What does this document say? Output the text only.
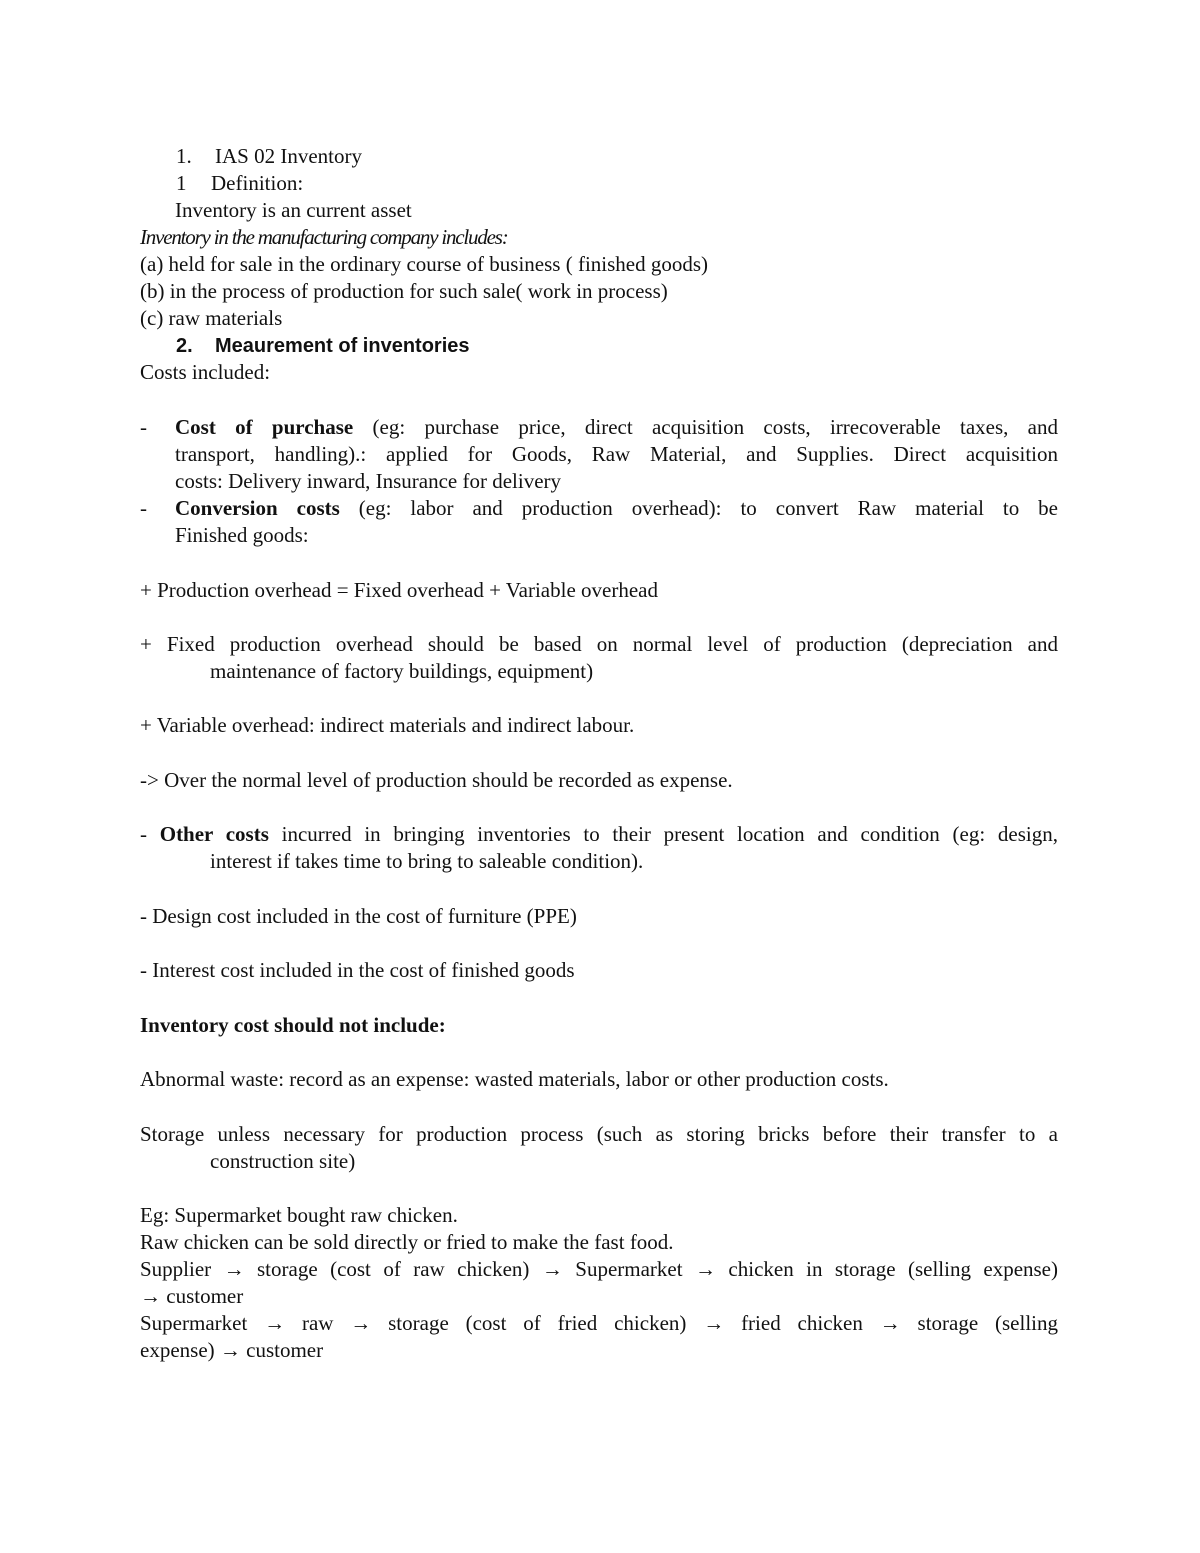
1. IAS 02 Inventory
1 Definition:
Inventory is an current asset
Inventory in the manufacturing company includes:
(a) held for sale in the ordinary course of business ( finished goods)
(b) in the process of production for such sale( work in process)
(c) raw materials
2. Meaurement of inventories
Costs included:
- Cost of purchase (eg: purchase price, direct acquisition costs, irrecoverable taxes, and
transport, handling).: applied for Goods, Raw Material, and Supplies. Direct acquisition
costs: Delivery inward, Insurance for delivery
- Conversion costs (eg: labor and production overhead): to convert Raw material to be
Finished goods:
+ Production overhead = Fixed overhead + Variable overhead
+ Fixed production overhead should be based on normal level of production (depreciation and
maintenance of factory buildings, equipment)
+ Variable overhead: indirect materials and indirect labour.
-> Over the normal level of production should be recorded as expense.
- Other costs incurred in bringing inventories to their present location and condition (eg: design,
interest if takes time to bring to saleable condition).
- Design cost included in the cost of furniture (PPE)
- Interest cost included in the cost of finished goods
Inventory cost should not include:
Abnormal waste: record as an expense: wasted materials, labor or other production costs.
Storage unless necessary for production process (such as storing bricks before their transfer to a
construction site)
Eg: Supermarket bought raw chicken.
Raw chicken can be sold directly or fried to make the fast food.
Supplier → storage (cost of raw chicken) → Supermarket → chicken in storage (selling expense)
→ customer
Supermarket → raw → storage (cost of fried chicken) → fried chicken → storage (selling
expense) → customer
